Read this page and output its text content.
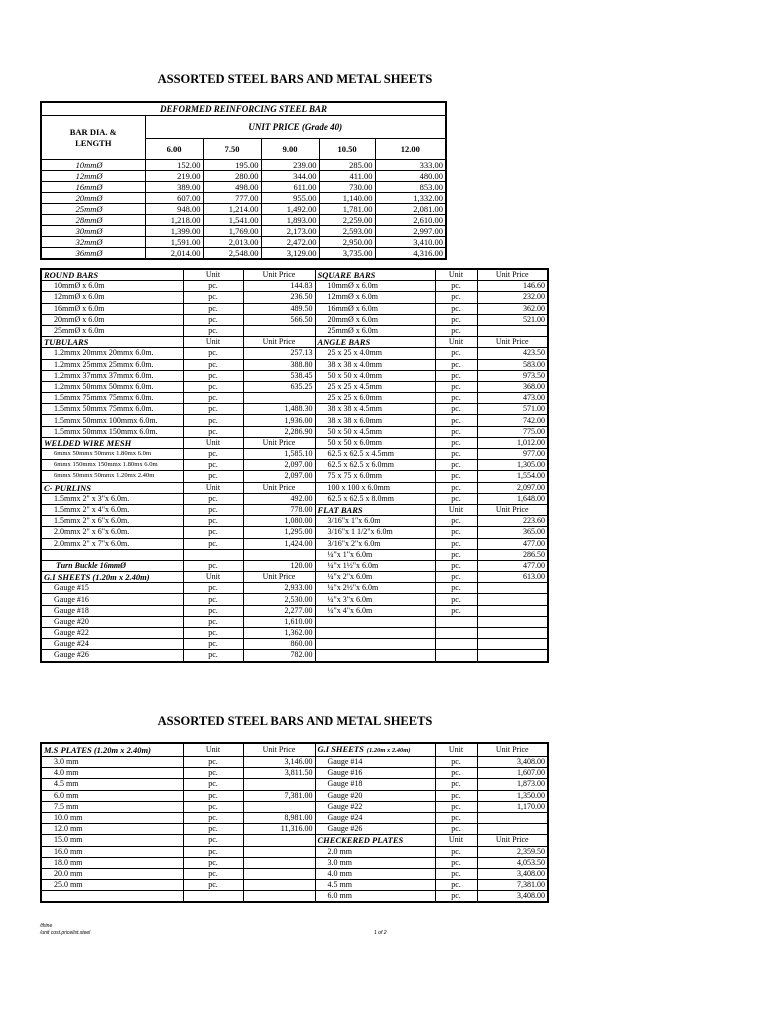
ASSORTED STEEL BARS AND METAL SHEETS
DEFORMED REINFORCING STEEL BAR					

BAR DIA. &
LENGTH	UNIT PRICE (Grade 40)				
	6.00	7.50	9.00	10.50	12.00
10mmØ	152.00	195.00	239.00	285.00	333.00
12mmØ	219.00	280.00	344.00	411.00	480.00
16mmØ	389.00	498.00	611.00	730.00	853.00
20mmØ	607.00	777.00	955.00	1,140.00	1,332.00
25mmØ	948.00	1,214.00	1,492.00	1,781.00	2,081.00
28mmØ	1,218.00	1,541.00	1,893.00	2,259.00	2,610.00
30mmØ	1,399.00	1,769.00	2,173.00	2,593.00	2,997.00
32mmØ	1,591.00	2,013.00	2,472.00	2,950.00	3,410.00
36mmØ	2,014.00	2,548.00	3,129.00	3,735.00	4,316.00
ROUND BARS	Unit	Unit Price	SQUARE BARS	Unit	Unit Price
10mmØ x 6.0m	pc.	144.83	10mmØ x 6.0m	pc.	146.60
12mmØ x 6.0m	pc.	236.50	12mmØ x 6.0m	pc.	232.00
16mmØ x 6.0m	pc.	489.50	16mmØ x 6.0m	pc.	362.00
20mmØ x 6.0m	pc.	566.50	20mmØ x 6.0m	pc.	521.00
25mmØ x 6.0m	pc.		25mmØ x 6.0m	pc.	
TUBULARS	Unit	Unit Price	ANGLE BARS	Unit	Unit Price
1.2mmx 20mmx 20mmx 6.0m.	pc.	257.13	25 x 25 x 4.0mm	pc.	423.50
1.2mmx 25mmx 25mmx 6.0m.	pc.	388.80	38 x 38 x 4.0mm	pc.	583.00
1.2mmx 37mmx 37mmx 6.0m.	pc.	538.45	50 x 50 x 4.0mm	pc.	973.50
1.2mmx 50mmx 50mmx 6.0m.	pc.	635.25	25 x 25 x 4.5mm	pc.	368.00
1.5mmx 75mmx 75mmx 6.0m.	pc.		25 x 25 x 6.0mm	pc.	473.00
1.5mmx 50mmx 75mmx 6.0m.	pc.	1,488.30	38 x 38 x 4.5mm	pc.	571.00
1.5mmx 50mmx 100mmx 6.0m.	pc.	1,936.00	38 x 38 x 6.0mm	pc.	742.00
1.5mmx 50mmx 150mmx 6.0m.	pc.	2,286.90	50 x 50 x 4.5mm	pc.	775.00
WELDED WIRE MESH	Unit	Unit Price	50 x 50 x 6.0mm	pc.	1,012.00
6mmx 50mmx 50mmx 1.80mx 6.0m	pc.	1,585.10	62.5 x 62.5 x 4.5mm	pc.	977.00
6mmx 150mmx 150mmx 1.80mx 6.0m	pc.	2,097.00	62.5 x 62.5 x 6.0mm	pc.	1,305.00
6mmx 50mmx 50mmx 1.20mx 2.40m	pc.	2,097.00	75 x 75 x 6.0mm	pc.	1,554.00
C- PURLINS	Unit	Unit Price	100 x 100 x 6.0mm	pc.	2,097.00
1.5mmx 2" x 3"x 6.0m.	pc.	492.00	62.5 x 62.5 x 8.0mm	pc.	1,648.00
1.5mmx 2" x 4"x 6.0m.	pc.	778.00	FLAT BARS	Unit	Unit Price
1.5mmx 2" x 6"x 6.0m.	pc.	1,080.00	3/16"x 1"x 6.0m	pc.	223.60
2.0mmx 2" x 6"x 6.0m.	pc.	1,295.00	3/16"x 1 1/2"x 6.0m	pc.	365.00
2.0mmx 2" x 7"x 6.0m.	pc.	1,424.00	3/16"x 2"x 6.0m	pc.	477.00
			¼"x 1"x 6.0m	pc.	286.50
Turn Buckle 16mmØ	pc.	120.00	¼"x 1½"x 6.0m	pc.	477.00
G.I SHEETS (1.20m x 2.40m)	Unit	Unit Price	¼"x 2"x 6.0m	pc.	613.00
Gauge #15	pc.	2,933.00	¼"x 2½"x 6.0m	pc.	
Gauge #16	pc.	2,530.00	¼"x 3"x 6.0m	pc.	
Gauge #18	pc.	2,277.00	¼"x 4"x 6.0m	pc.	
Gauge #20	pc.	1,610.00			
Gauge #22	pc.	1,362.00			
Gauge #24	pc.	860.00			
Gauge #26	pc.	782.00			
ASSORTED STEEL BARS AND METAL SHEETS
M.S PLATES (1.20m x 2.40m)	Unit	Unit Price	G.I SHEETS (1.20m x 2.40m)	Unit	Unit Price
3.0 mm	pc.	3,146.00	Gauge #14	pc.	3,408.00
4.0 mm	pc.	3,811.50	Gauge #16	pc.	1,607.00
4.5 mm	pc.		Gauge #18	pc.	1,873.00
6.0 mm	pc.	7,381.00	Gauge #20	pc.	1,350.00
7.5 mm	pc.		Gauge #22	pc.	1,170.00
10.0 mm	pc.	8,981.00	Gauge #24	pc.	
12.0 mm	pc.	11,316.00	Gauge #26	pc.	
15.0 mm	pc.		CHECKERED PLATES	Unit	Unit Price
16.0 mm	pc.		2.0 mm	pc.	2,359.50
18.0 mm	pc.		3.0 mm	pc.	4,053.50
20.0 mm	pc.		4.0 mm	pc.	3,408.00
25.0 mm	pc.		4.5 mm	pc.	7,381.00
			6.0 mm	pc.	3,408.00
/thine
/unit cost.pricelist.steel	1 of 2
